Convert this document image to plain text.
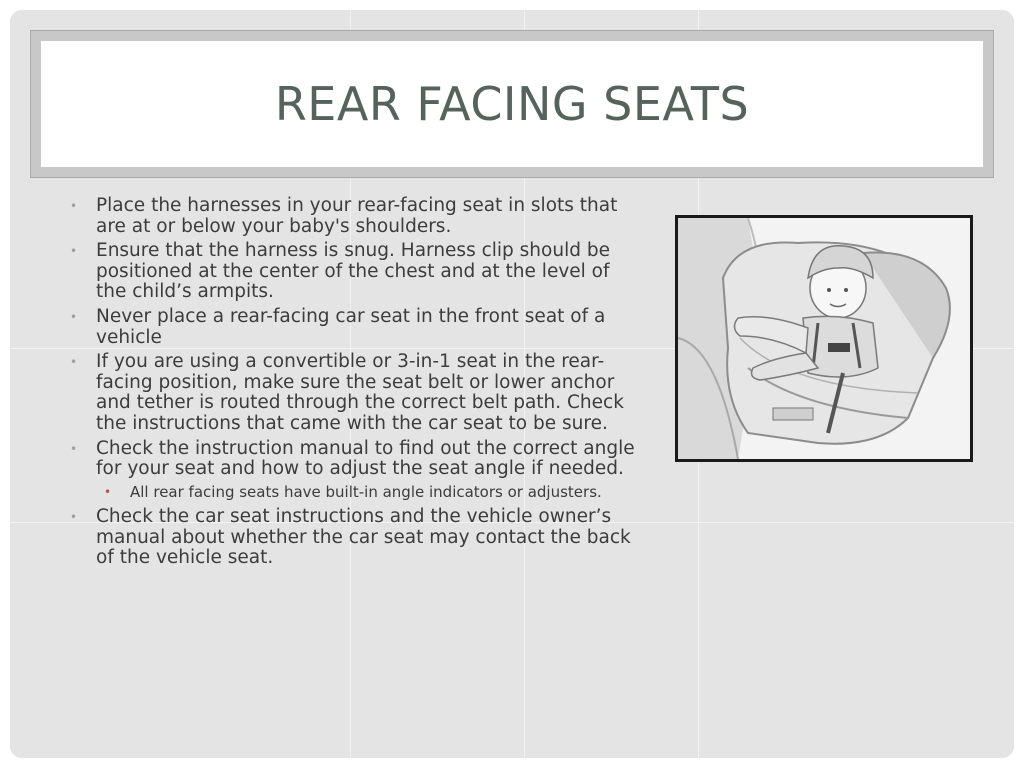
REAR FACING SEATS
• Place the harnesses in your rear-facing seat in slots that are at or below your baby's shoulders.
• Ensure that the harness is snug. Harness clip should be positioned at the center of the chest and at the level of the child’s armpits.
• Never place a rear-facing car seat in the front seat of a vehicle
• If you are using a convertible or 3-in-1 seat in the rear-facing position, make sure the seat belt or lower anchor and tether is routed through the correct belt path. Check the instructions that came with the car seat to be sure.
• Check the instruction manual to find out the correct angle for your seat and how to adjust the seat angle if needed.
• All rear facing seats have built-in angle indicators or adjusters.
• Check the car seat instructions and the vehicle owner’s manual about whether the car seat may contact the back of the vehicle seat.
